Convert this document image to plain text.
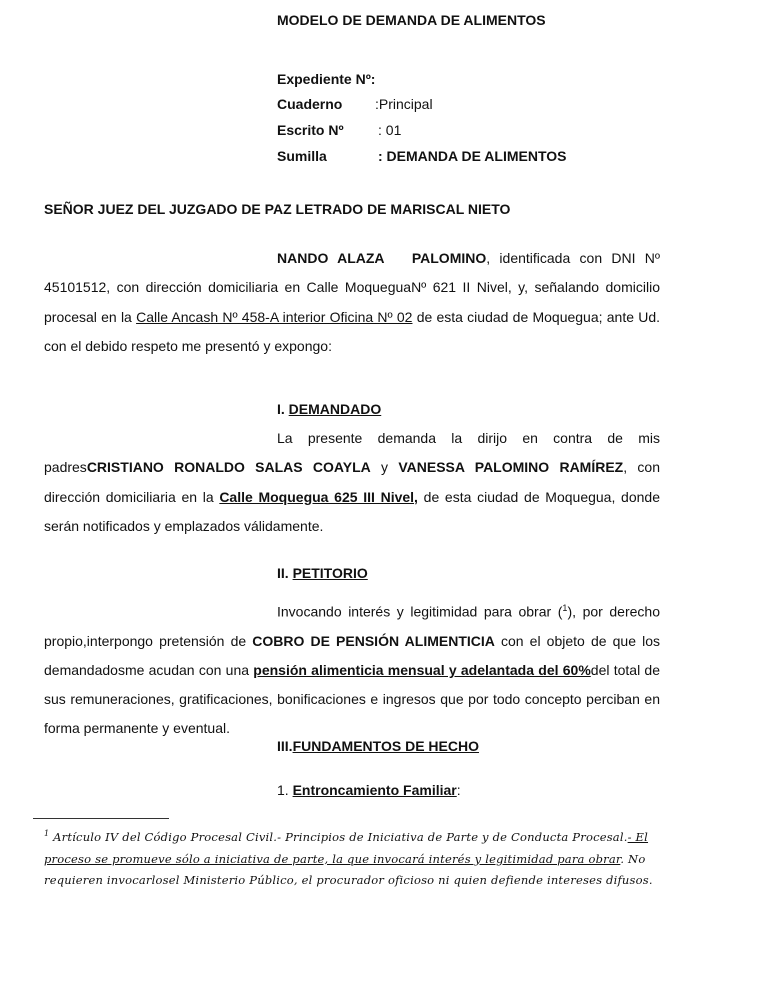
MODELO DE DEMANDA DE ALIMENTOS
Expediente Nº:
Cuaderno :Principal
Escrito Nº : 01
Sumilla	: DEMANDA DE ALIMENTOS
SEÑOR JUEZ DEL JUZGADO DE PAZ LETRADO DE MARISCAL NIETO
NANDO ALAZA   PALOMINO, identificada con DNI Nº 45101512, con dirección domiciliaria en Calle MoqueguaNº 621 II Nivel, y, señalando domicilio procesal en la Calle Ancash Nº 458-A interior Oficina Nº 02 de esta ciudad de Moquegua; ante Ud. con el debido respeto me presentó y expongo:
I. DEMANDADO
La presente demanda la dirijo en contra de mis padresCRISTIANO RONALDO SALAS COAYLA y VANESSA PALOMINO RAMÍREZ, con dirección domiciliaria en la Calle Moquegua 625 III Nivel, de esta ciudad de Moquegua, donde serán notificados y emplazados válidamente.
II. PETITORIO
Invocando interés y legitimidad para obrar ($^1$), por derecho propio,interpongo pretensión de COBRO DE PENSIÓN ALIMENTICIA con el objeto de que los demandadosme acudan con una pensión alimenticia mensual y adelantada del 60%del total de sus remuneraciones, gratificaciones, bonificaciones e ingresos que por todo concepto perciban en forma permanente y eventual.
III.FUNDAMENTOS DE HECHO
1. Entroncamiento Familiar:
$^1$ Artículo IV del Código Procesal Civil.- Principios de Iniciativa de Parte y de Conducta Procesal.- El proceso se promueve sólo a iniciativa de parte, la que invocará interés y legitimidad para obrar. No requieren invocarlosel Ministerio Público, el procurador oficioso ni quien defiende intereses difusos.
